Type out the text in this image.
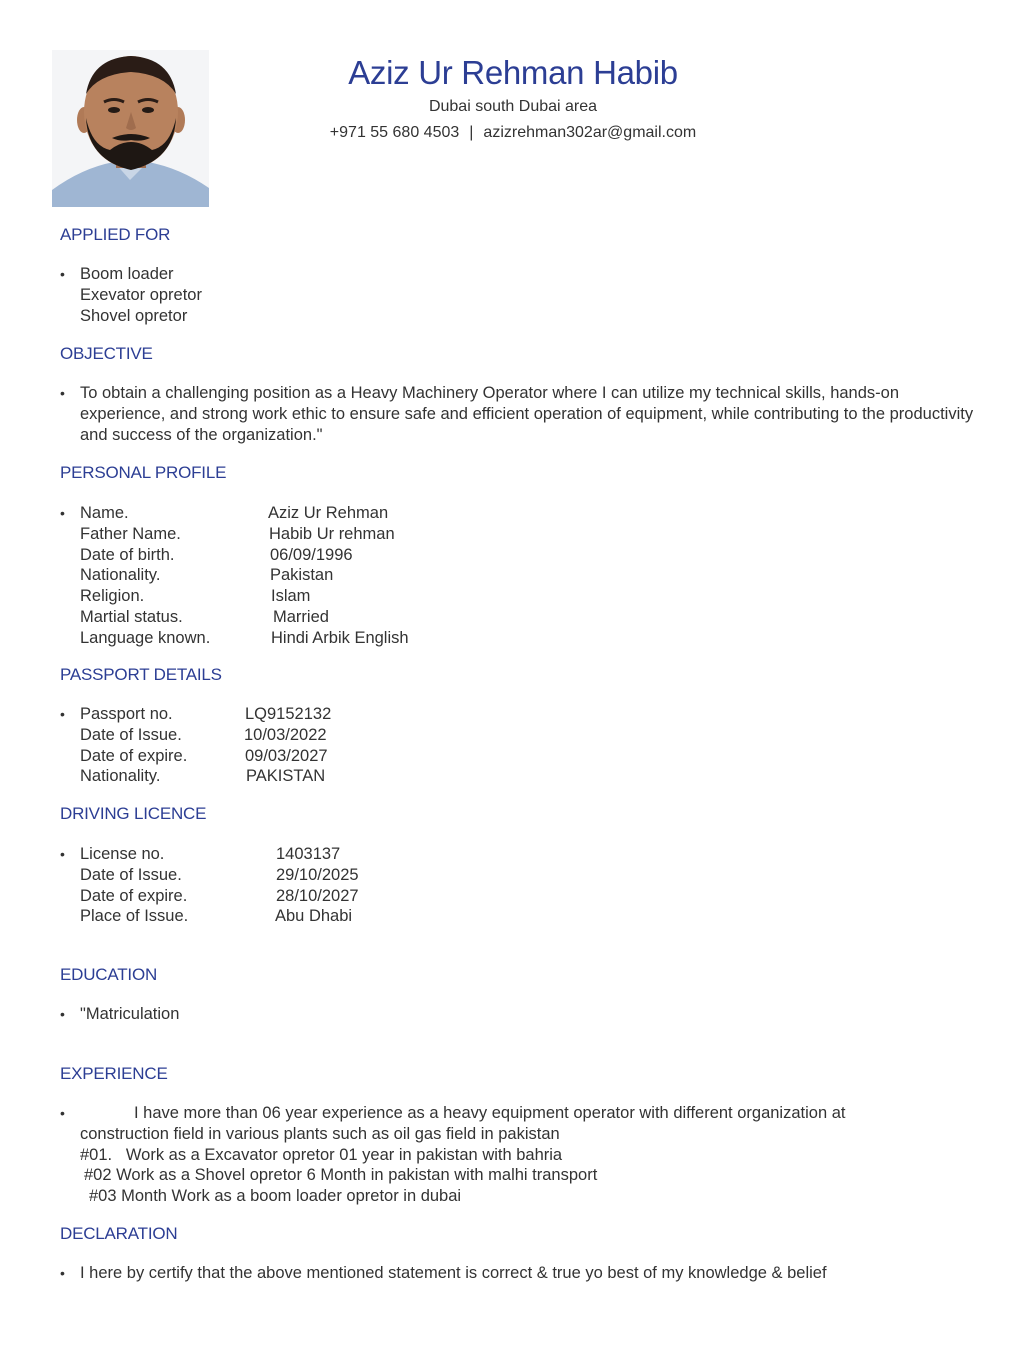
Aziz Ur Rehman Habib
Dubai south Dubai area
+971 55 680 4503 | azizrehman302ar@gmail.com
APPLIED FOR
• Boom loader
Exevator opretor
Shovel opretor
OBJECTIVE
• To obtain a challenging position as a Heavy Machinery Operator where I can utilize my technical skills, hands-on experience, and strong work ethic to ensure safe and efficient operation of equipment, while contributing to the productivity and success of the organization."
PERSONAL PROFILE
• Name.	Aziz Ur Rehman
Father Name.	Habib Ur rehman
Date of birth.	06/09/1996
Nationality.	Pakistan
Religion.	Islam
Martial status.	Married
Language known.	Hindi Arbik English
PASSPORT DETAILS
• Passport no.	LQ9152132
Date of Issue.	10/03/2022
Date of expire.	09/03/2027
Nationality.	PAKISTAN
DRIVING LICENCE
• License no.	1403137
Date of Issue.	29/10/2025
Date of expire.	28/10/2027
Place of Issue.	Abu Dhabi
EDUCATION
• "Matriculation
EXPERIENCE
•	I have more than 06 year experience as a heavy equipment operator with different organization at
construction field in various plants such as oil gas field in pakistan
#01.   Work as a Excavator opretor 01 year in pakistan with bahria
#02 Work as a Shovel opretor 6 Month in pakistan with malhi transport
#03 Month Work as a boom loader opretor in dubai
DECLARATION
• I here by certify that the above mentioned statement is correct & true yo best of my knowledge & belief
